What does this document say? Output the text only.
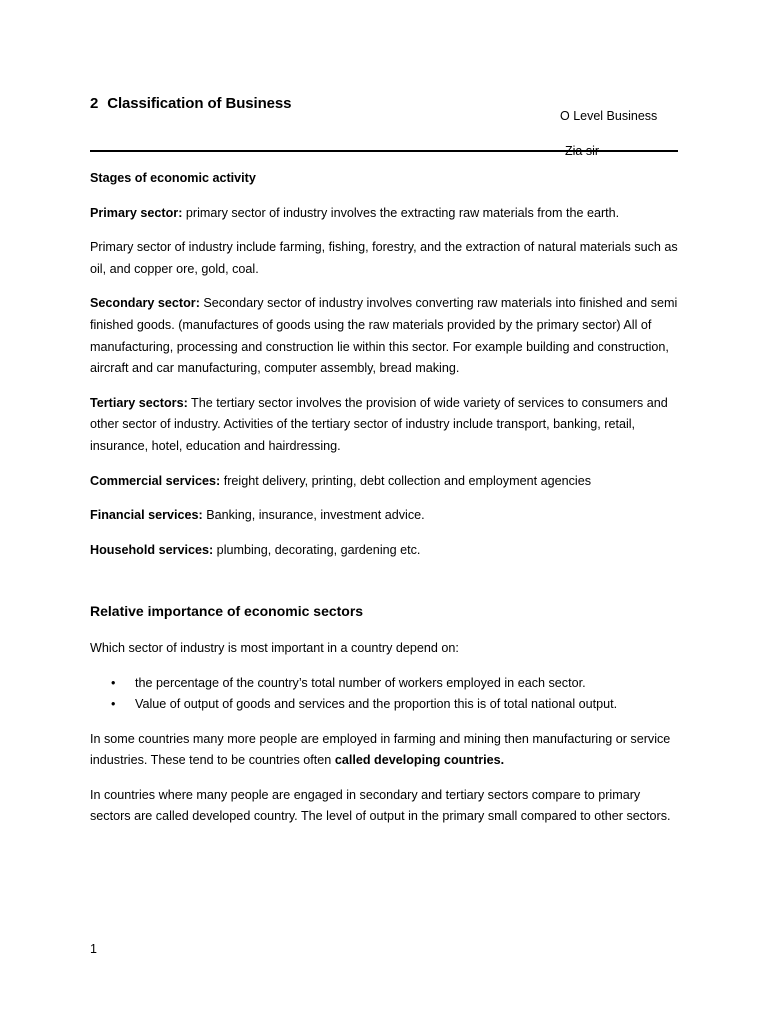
2 Classification of Business
O Level Business
Zia sir
Stages of economic activity

Primary sector: primary sector of industry involves the extracting raw materials from the earth.

Primary sector of industry include farming, fishing, forestry, and the extraction of natural materials such as oil, and copper ore, gold, coal.

Secondary sector: Secondary sector of industry involves converting raw materials into finished and semi finished goods. (manufactures of goods using the raw materials provided by the primary sector) All of manufacturing, processing and construction lie within this sector. For example building and construction, aircraft and car manufacturing, computer assembly, bread making.

Tertiary sectors: The tertiary sector involves the provision of wide variety of services to consumers and other sector of industry. Activities of the tertiary sector of industry include transport, banking, retail, insurance, hotel, education and hairdressing.

Commercial services: freight delivery, printing, debt collection and employment agencies

Financial services: Banking, insurance, investment advice.

Household services: plumbing, decorating, gardening etc.

Relative importance of economic sectors

Which sector of industry is most important in a country depend on:

• the percentage of the country’s total number of workers employed in each sector.
• Value of output of goods and services and the proportion this is of total national output.

In some countries many more people are employed in farming and mining then manufacturing or service industries. These tend to be countries often called developing countries.

In countries where many people are engaged in secondary and tertiary sectors compare to primary sectors are called developed country. The level of output in the primary small compared to other sectors.

1
